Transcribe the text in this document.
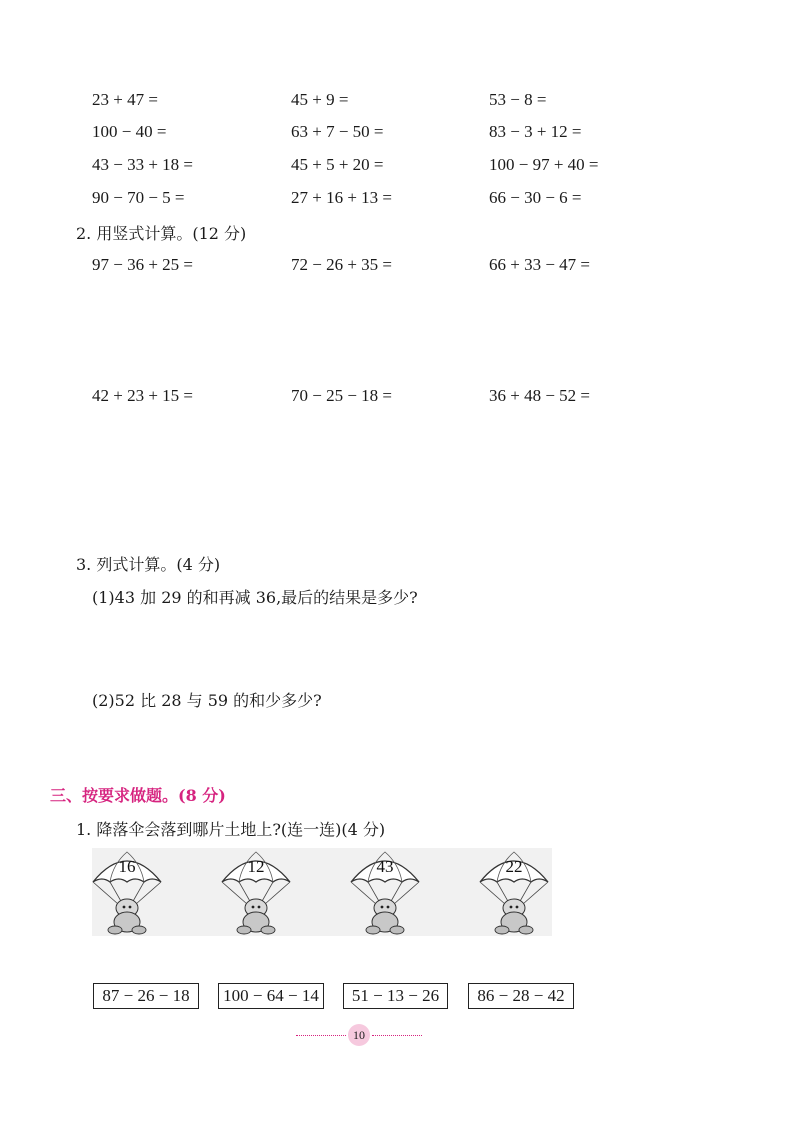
23 + 47 =	45 + 9 =	53 − 8 =
100 − 40 =	63 + 7 − 50 =	83 − 3 + 12 =
43 − 33 + 18 =	45 + 5 + 20 =	100 − 97 + 40 =
90 − 70 − 5 =	27 + 16 + 13 =	66 − 30 − 6 =
2. 用竖式计算。(12 分)
97 − 36 + 25 =	72 − 26 + 35 =	66 + 33 − 47 =
42 + 23 + 15 =	70 − 25 − 18 =	36 + 48 − 52 =
3. 列式计算。(4 分)
(1)43 加 29 的和再减 36,最后的结果是多少?
(2)52 比 28 与 59 的和少多少?
三、按要求做题。(8 分)
1. 降落伞会落到哪片土地上?(连一连)(4 分)
16	12	43	22
87 − 26 − 18	100 − 64 − 14	51 − 13 − 26	86 − 28 − 42
10
